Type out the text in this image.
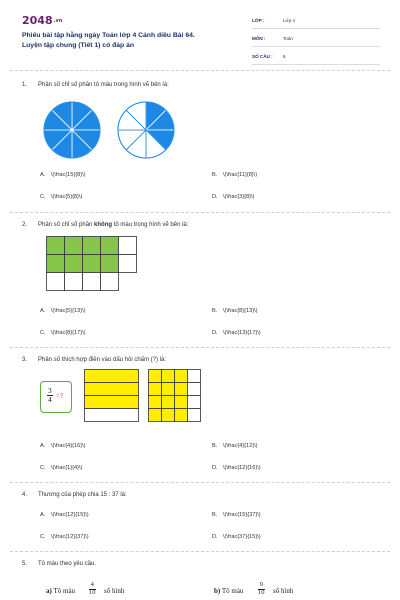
2048.vn
Phiếu bài tập hằng ngày Toán lớp 4 Cánh diều Bài 64.
Luyện tập chung (Tiết 1) có đáp án
LỚP :	Lớp 4
MÔN :	Toán
SỐ CÂU : 8
1. Phân số chỉ số phần tô màu trong hình vẽ bên là:
A. \(\frac{15}{8}\)	B. \(\frac{11}{8}\)
C. \(\frac{5}{8}\)	D. \(\frac{3}{8}\)
2. Phân số chỉ số phần không tô màu trong hình vẽ bên là:
A. \(\frac{5}{13}\)	B. \(\frac{8}{13}\)
C. \(\frac{8}{17}\)	D. \(\frac{13}{17}\)
3. Phân số thích hợp điền vào dấu hỏi chấm (?) là:
$\frac{3}{4}$ =?
A. \(\frac{4}{16}\)	B. \(\frac{4}{12}\)
C. \(\frac{1}{4}\)	D. \(\frac{12}{16}\)
4. Thương của phép chia 15 : 37 là:
A. \(\frac{12}{15}\)	B. \(\frac{15}{37}\)
C. \(\frac{12}{37}\)	D. \(\frac{37}{15}\)
5. Tô màu theo yêu cầu.
a) Tô màu $\frac{4}{10}$ số hình	b) Tô màu $\frac{9}{10}$ số hình
